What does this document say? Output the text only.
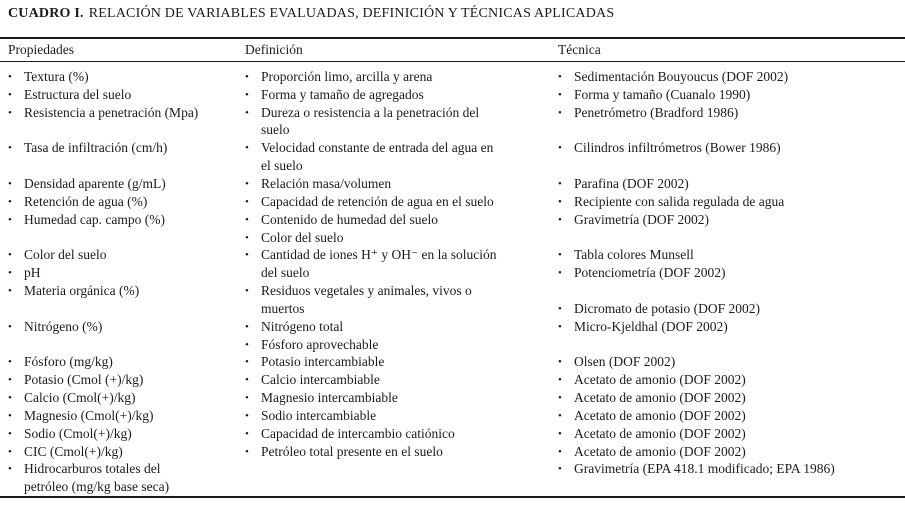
CUADRO I. RELACIÓN DE VARIABLES EVALUADAS, DEFINICIÓN Y TÉCNICAS APLICADAS
Propiedades	Definición	Técnica
• Textura (%)
• Estructura del suelo
• Resistencia a penetración (Mpa)
• Tasa de infiltración (cm/h)
• Densidad aparente (g/mL)
• Retención de agua (%)
• Humedad cap. campo (%)
• Color del suelo
• pH
• Materia orgánica (%)
• Nitrógeno (%)
• Fósforo (mg/kg)
• Potasio (Cmol (+)/kg)
• Calcio (Cmol(+)/kg)
• Magnesio (Cmol(+)/kg)
• Sodio (Cmol(+)/kg)
• CIC (Cmol(+)/kg)
• Hidrocarburos totales del
petróleo (mg/kg base seca)
• Proporción limo, arcilla y arena
• Forma y tamaño de agregados
• Dureza o resistencia a la penetración del
suelo
• Velocidad constante de entrada del agua en
el suelo
• Relación masa/volumen
• Capacidad de retención de agua en el suelo
• Contenido de humedad del suelo
• Color del suelo
• Cantidad de iones H⁺ y OH⁻ en la solución
del suelo
• Residuos vegetales y animales, vivos o
muertos
• Nitrógeno total
• Fósforo aprovechable
• Potasio intercambiable
• Calcio intercambiable
• Magnesio intercambiable
• Sodio intercambiable
• Capacidad de intercambio catiónico
• Petróleo total presente en el suelo
• Sedimentación Bouyoucus (DOF 2002)
• Forma y tamaño (Cuanalo 1990)
• Penetrómetro (Bradford 1986)
• Cilindros infiltrómetros (Bower 1986)
• Parafina (DOF 2002)
• Recipiente con salida regulada de agua
• Gravimetría (DOF 2002)
• Tabla colores Munsell
• Potenciometría (DOF 2002)
• Dicromato de potasio (DOF 2002)
• Micro-Kjeldhal (DOF 2002)
• Olsen (DOF 2002)
• Acetato de amonio (DOF 2002)
• Acetato de amonio (DOF 2002)
• Acetato de amonio (DOF 2002)
• Acetato de amonio (DOF 2002)
• Acetato de amonio (DOF 2002)
• Gravimetría (EPA 418.1 modificado; EPA 1986)
